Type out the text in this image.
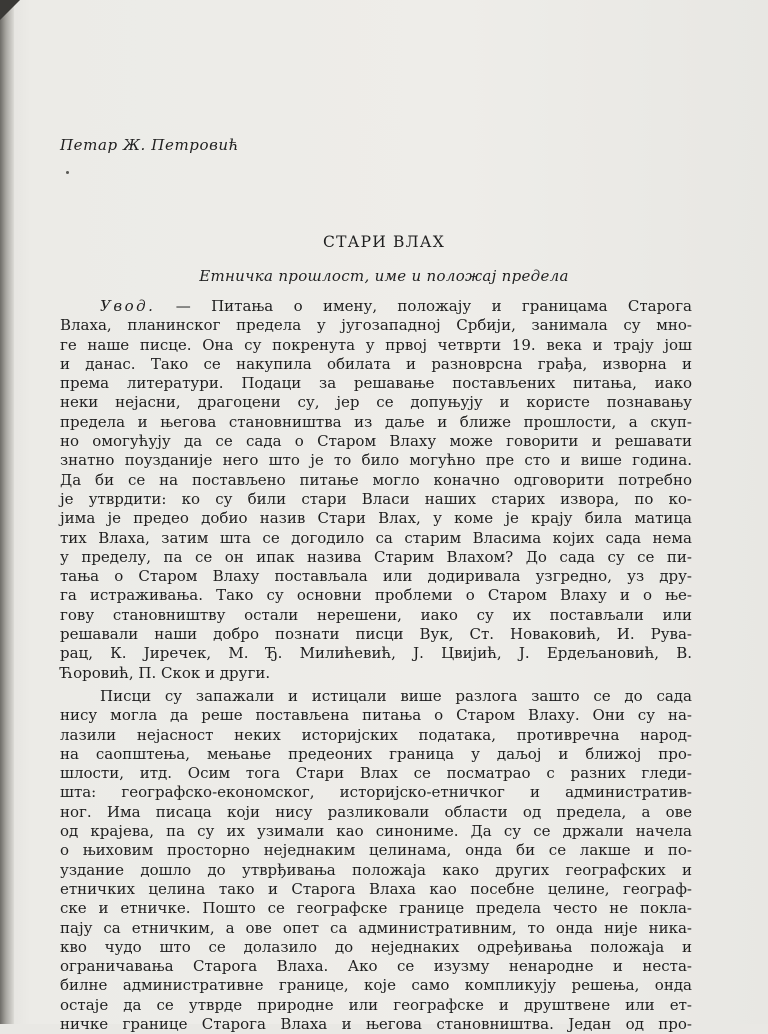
Петар Ж. Петровић
СТАРИ ВЛАХ
Етничка прошлост, име и положај предела
Увод. — Питања о имену, положају и границама Старога
Влаха, планинског предела у југозападној Србији, занимала су мно-
ге наше писце. Она су покренута у првој четврти 19. века и трају још
и данас. Тако се накупила обилата и разноврсна грађа, изворна и
према литератури. Подаци за решавање постављених питања, иако
неки нејасни, драгоцени су, јер се допуњују и користе познавању
предела и његова становништва из даље и ближе прошлости, а скуп-
но омогућују да се сада о Старом Влаху може говорити и решавати
знатно поузданије него што је то било могућно пре сто и више година.
Да би се на постављено питање могло коначно одговорити потребно
је утврдити: ко су били стари Власи наших старих извора, по ко-
јима је предео добио назив Стари Влах, у коме је крају била матица
тих Влаха, затим шта се догодило са старим Власима којих сада нема
у пределу, па се он ипак назива Старим Влахом? До сада су се пи-
тања о Старом Влаху постављала или додиривала узгредно, уз дру-
га истраживања. Тако су основни проблеми о Старом Влаху и о ње-
гову становништву остали нерешени, иако су их постављали или
решавали наши добро познати писци Вук, Ст. Новаковић, И. Рува-
рац, К. Јиречек, М. Ђ. Милићевић, Ј. Цвијић, Ј. Ердељановић, В.
Ћоровић, П. Скок и други.
Писци су запажали и истицали више разлога зашто се до сада
нису могла да реше постављена питања о Старом Влаху. Они су на-
лазили нејасност неких историјских података, противречна народ-
на саопштења, мењање предеоних граница у даљој и ближој про-
шлости, итд. Осим тога Стари Влах се посматрао с разних гледи-
шта: географско-економског, историјско-етничког и административ-
ног. Има писаца који нису разликовали области од предела, а ове
од крајева, па су их узимали као синониме. Да су се држали начела
о њиховим просторно неједнаким целинама, онда би се лакше и по-
уздание дошло до утврђивања положаја како других географских и
етничких целина тако и Старога Влаха као посебне целине, географ-
ске и етничке. Пошто се географске границе предела често не покла-
пају са етничким, а ове опет са административним, то онда није ника-
кво чудо што се долазило до неједнаких одређивања положаја и
ограничавања Старога Влаха. Ако се изузму ненародне и неста-
билне административне границе, које само компликују решења, онда
остаје да се утврде природне или географске и друштвене или ет-
ничке границе Старога Влаха и његова становништва. Један од про-
